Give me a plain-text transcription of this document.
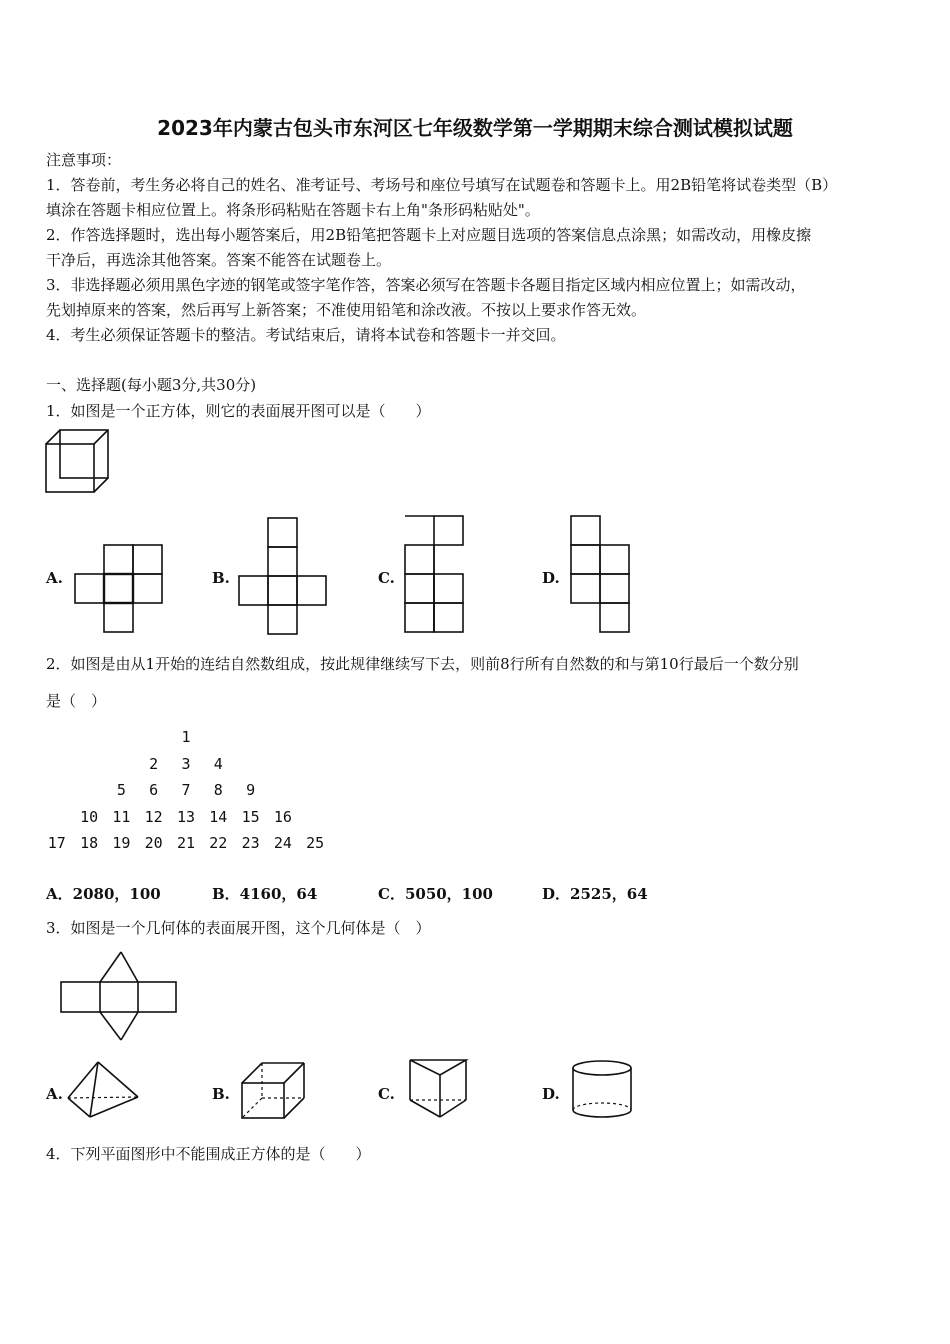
2023年内蒙古包头市东河区七年级数学第一学期期末综合测试模拟试题
注意事项：
1．答卷前，考生务必将自己的姓名、准考证号、考场号和座位号填写在试题卷和答题卡上。用2B铅笔将试卷类型（B）
填涂在答题卡相应位置上。将条形码粘贴在答题卡右上角"条形码粘贴处"。
2．作答选择题时，选出每小题答案后，用2B铅笔把答题卡上对应题目选项的答案信息点涂黑；如需改动，用橡皮擦
干净后，再选涂其他答案。答案不能答在试题卷上。
3．非选择题必须用黑色字迹的钢笔或签字笔作答，答案必须写在答题卡各题目指定区域内相应位置上；如需改动，
先划掉原来的答案，然后再写上新答案；不准使用铅笔和涂改液。不按以上要求作答无效。
4．考生必须保证答题卡的整洁。考试结束后，请将本试卷和答题卡一并交回。
一、选择题(每小题3分,共30分)
1．如图是一个正方体，则它的表面展开图可以是（　　）
A.	B.	C.	D.
2．如图是由从1开始的连结自然数组成，按此规律继续写下去，则前8行所有自然数的和与第10行最后一个数分别
是（　）
1
2	3	4
5	6	7	8	9
10 11 12 13 14 15 16
17 18 19 20 21 22 23 24 25
A．2080，100	B．4160，64	C．5050，100	D．2525，64
3．如图是一个几何体的表面展开图，这个几何体是（　）
A.	B.	C.	D.
4．下列平面图形中不能围成正方体的是（　　）
